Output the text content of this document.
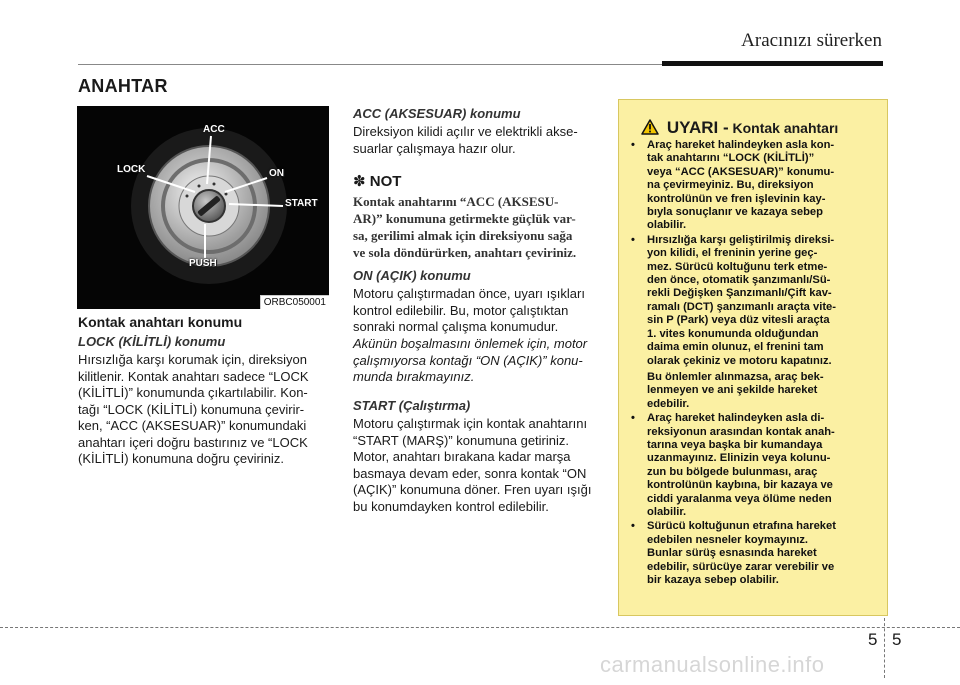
Aracınızı sürerken
ANAHTAR
ACC
LOCK	ON
START
PUSH
ORBC050001
Kontak anahtarı konumu
LOCK (KİLİTLİ) konumu
Hırsızlığa karşı korumak için, direksiyon
kilitlenir. Kontak anahtarı sadece “LOCK
(KİLİTLİ)” konumunda çıkartılabilir. Kon-
tağı “LOCK (KİLİTLİ) konumuna çevirir-
ken, “ACC (AKSESUAR)” konumundaki
anahtarı içeri doğru bastırınız ve “LOCK
(KİLİTLİ) konumuna doğru çeviriniz.
ACC (AKSESUAR) konumu
Direksiyon kilidi açılır ve elektrikli akse-
suarlar çalışmaya hazır olur.
✽ NOT
Kontak anahtarını “ACC (AKSESU-
AR)” konumuna getirmekte güçlük var-
sa, gerilimi almak için direksiyonu sağa
ve sola döndürürken, anahtarı çeviriniz.
ON (AÇIK) konumu
Motoru çalıştırmadan önce, uyarı ışıkları
kontrol edilebilir. Bu, motor çalıştıktan
sonraki normal çalışma konumudur.
Akünün boşalmasını önlemek için, motor
çalışmıyorsa kontağı “ON (AÇIK)” konu-
munda bırakmayınız.
START (Çalıştırma)
Motoru çalıştırmak için kontak anahtarını
“START (MARŞ)” konumuna getiriniz.
Motor, anahtarı bırakana kadar marşa
basmaya devam eder, sonra kontak “ON
(AÇIK)” konumuna döner. Fren uyarı ışığı
bu konumdayken kontrol edilebilir.
UYARI - Kontak anahtarı
• Araç hareket halindeyken asla kon-
tak anahtarını “LOCK (KİLİTLİ)”
veya “ACC (AKSESUAR)” konumu-
na çevirmeyiniz. Bu, direksiyon
kontrolünün ve fren işlevinin kay-
bıyla sonuçlanır ve kazaya sebep
olabilir.
• Hırsızlığa karşı geliştirilmiş direksi-
yon kilidi, el freninin yerine geç-
mez. Sürücü koltuğunu terk etme-
den önce, otomatik şanzımanlı/Sü-
rekli Değişken Şanzımanlı/Çift kav-
ramalı (DCT) şanzımanlı araçta vite-
sin P (Park) veya düz vitesli araçta
1. vites konumunda olduğundan
daima emin olunuz, el frenini tam
olarak çekiniz ve motoru kapatınız.
Bu önlemler alınmazsa, araç bek-
lenmeyen ve ani şekilde hareket
edebilir.
• Araç hareket halindeyken asla di-
reksiyonun arasından kontak anah-
tarına veya başka bir kumandaya
uzanmayınız. Elinizin veya kolunu-
zun bu bölgede bulunması, araç
kontrolünün kaybına, bir kazaya ve
ciddi yaralanma veya ölüme neden
olabilir.
• Sürücü koltuğunun etrafına hareket
edebilen nesneler koymayınız.
Bunlar sürüş esnasında hareket
edebilir, sürücüye zarar verebilir ve
bir kazaya sebep olabilir.
5 5
carmanualsonline.info
